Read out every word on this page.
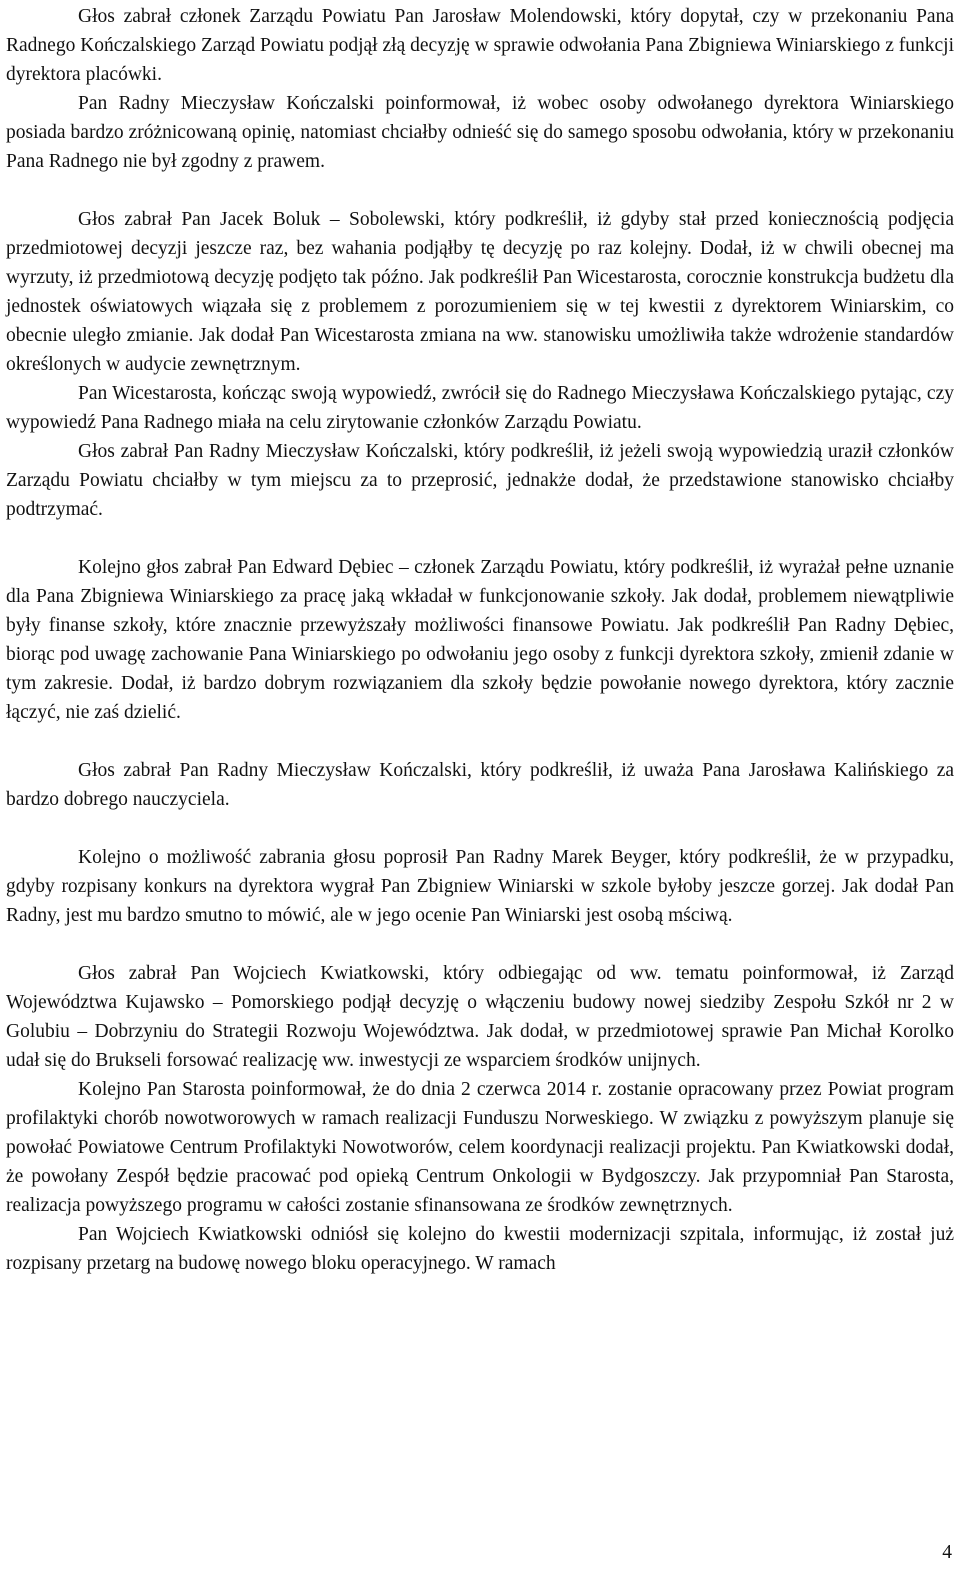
Głos zabrał członek Zarządu Powiatu Pan Jarosław Molendowski, który dopytał, czy w przekonaniu Pana Radnego Kończalskiego Zarząd Powiatu podjął złą decyzję w sprawie odwołania Pana Zbigniewa Winiarskiego z funkcji dyrektora placówki.

Pan Radny Mieczysław Kończalski poinformował, iż wobec osoby odwołanego dyrektora Winiarskiego posiada bardzo zróżnicowaną opinię, natomiast chciałby odnieść się do samego sposobu odwołania, który w przekonaniu Pana Radnego nie był zgodny z prawem.

Głos zabrał Pan Jacek Boluk – Sobolewski, który podkreślił, iż gdyby stał przed koniecznością podjęcia przedmiotowej decyzji jeszcze raz, bez wahania podjąłby tę decyzję po raz kolejny. Dodał, iż w chwili obecnej ma wyrzuty, iż przedmiotową decyzję podjęto tak późno. Jak podkreślił Pan Wicestarosta, corocznie konstrukcja budżetu dla jednostek oświatowych wiązała się z problemem z porozumieniem się w tej kwestii z dyrektorem Winiarskim, co obecnie uległo zmianie. Jak dodał Pan Wicestarosta zmiana na ww. stanowisku umożliwiła także wdrożenie standardów określonych w audycie zewnętrznym.

Pan Wicestarosta, kończąc swoją wypowiedź, zwrócił się do Radnego Mieczysława Kończalskiego pytając, czy wypowiedź Pana Radnego miała na celu zirytowanie członków Zarządu Powiatu.

Głos zabrał Pan Radny Mieczysław Kończalski, który podkreślił, iż jeżeli swoją wypowiedzią uraził członków Zarządu Powiatu chciałby w tym miejscu za to przeprosić, jednakże dodał, że przedstawione stanowisko chciałby podtrzymać.

Kolejno głos zabrał Pan Edward Dębiec – członek Zarządu Powiatu, który podkreślił, iż wyrażał pełne uznanie dla Pana Zbigniewa Winiarskiego za pracę jaką wkładał w funkcjonowanie szkoły. Jak dodał, problemem niewątpliwie były finanse szkoły, które znacznie przewyższały możliwości finansowe Powiatu. Jak podkreślił Pan Radny Dębiec, biorąc pod uwagę zachowanie Pana Winiarskiego po odwołaniu jego osoby z funkcji dyrektora szkoły, zmienił zdanie w tym zakresie. Dodał, iż bardzo dobrym rozwiązaniem dla szkoły będzie powołanie nowego dyrektora, który zacznie łączyć, nie zaś dzielić.

Głos zabrał Pan Radny Mieczysław Kończalski, który podkreślił, iż uważa Pana Jarosława Kalińskiego za bardzo dobrego nauczyciela.

Kolejno o możliwość zabrania głosu poprosił Pan Radny Marek Beyger, który podkreślił, że w przypadku, gdyby rozpisany konkurs na dyrektora wygrał Pan Zbigniew Winiarski w szkole byłoby jeszcze gorzej. Jak dodał Pan Radny, jest mu bardzo smutno to mówić, ale w jego ocenie Pan Winiarski jest osobą mściwą.

Głos zabrał Pan Wojciech Kwiatkowski, który odbiegając od ww. tematu poinformował, iż Zarząd Województwa Kujawsko – Pomorskiego podjął decyzję o włączeniu budowy nowej siedziby Zespołu Szkół nr 2 w Golubiu – Dobrzyniu do Strategii Rozwoju Województwa. Jak dodał, w przedmiotowej sprawie Pan Michał Korolko udał się do Brukseli forsować realizację ww. inwestycji ze wsparciem środków unijnych.

Kolejno Pan Starosta poinformował, że do dnia 2 czerwca 2014 r. zostanie opracowany przez Powiat program profilaktyki chorób nowotworowych w ramach realizacji Funduszu Norweskiego. W związku z powyższym planuje się powołać Powiatowe Centrum Profilaktyki Nowotworów, celem koordynacji realizacji projektu. Pan Kwiatkowski dodał, że powołany Zespół będzie pracować pod opieką Centrum Onkologii w Bydgoszczy. Jak przypomniał Pan Starosta, realizacja powyższego programu w całości zostanie sfinansowana ze środków zewnętrznych.

Pan Wojciech Kwiatkowski odniósł się kolejno do kwestii modernizacji szpitala, informując, iż został już rozpisany przetarg na budowę nowego bloku operacyjnego. W ramach

4
